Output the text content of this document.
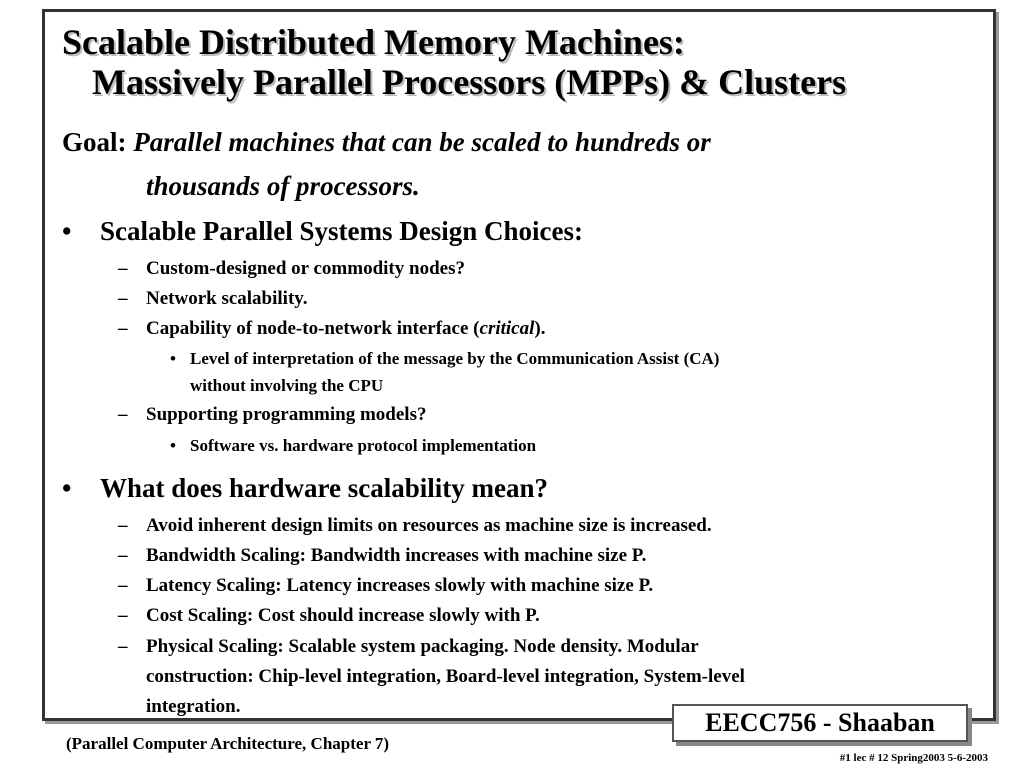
Scalable Distributed Memory Machines:
Massively Parallel Processors (MPPs) & Clusters
Goal: Parallel machines that can be scaled to hundreds or
thousands of processors.
•	Scalable Parallel Systems Design Choices:
– Custom-designed or commodity nodes?
– Network scalability.
– Capability of node-to-network interface (critical).
• Level of interpretation of the message by the Communication Assist (CA)
without involving the CPU
– Supporting programming models?
• Software vs. hardware protocol implementation
•	What does hardware scalability mean?
– Avoid inherent design limits on resources as machine size is increased.
– Bandwidth Scaling: Bandwidth increases with machine size P.
– Latency Scaling: Latency increases slowly with machine size P.
– Cost Scaling: Cost should increase slowly with P.
– Physical Scaling: Scalable system packaging. Node density. Modular
construction: Chip-level integration, Board-level integration, System-level
integration.
(Parallel Computer Architecture, Chapter 7)
EECC756 - Shaaban
#1 lec # 12 Spring2003 5-6-2003
